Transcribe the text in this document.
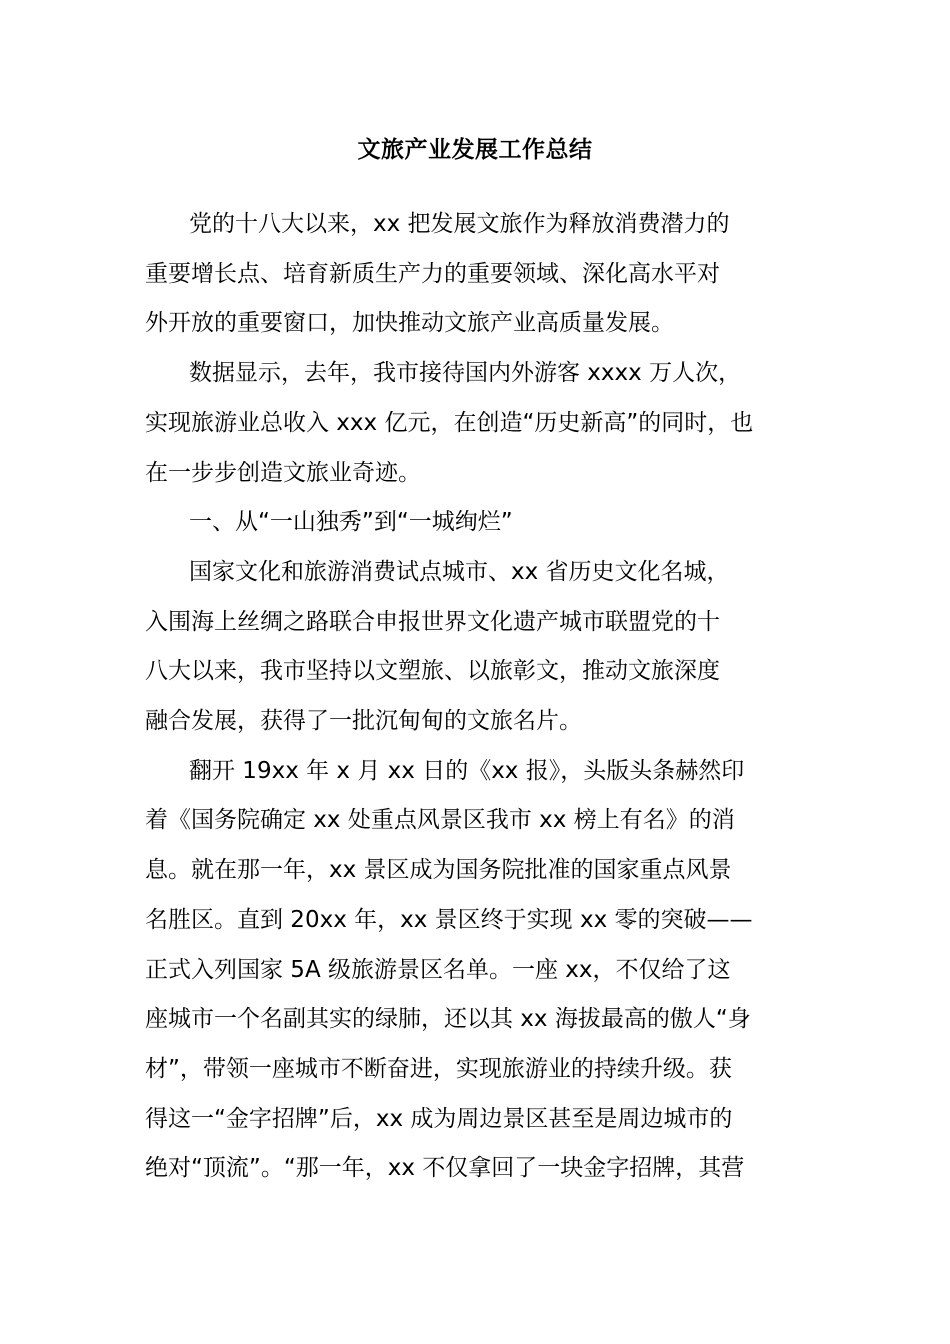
文旅产业发展工作总结

党的十八大以来，xx 把发展文旅作为释放消费潜力的
重要增长点、培育新质生产力的重要领域、深化高水平对
外开放的重要窗口，加快推动文旅产业高质量发展。

数据显示，去年，我市接待国内外游客 xxxx 万人次，
实现旅游业总收入 xxx 亿元，在创造“历史新高”的同时，也
在一步步创造文旅业奇迹。

一、从“一山独秀”到“一城绚烂”

国家文化和旅游消费试点城市、xx 省历史文化名城，
入围海上丝绸之路联合申报世界文化遗产城市联盟党的十
八大以来，我市坚持以文塑旅、以旅彰文，推动文旅深度
融合发展，获得了一批沉甸甸的文旅名片。

翻开 19xx 年 x 月 xx 日的《xx 报》，头版头条赫然印
着《国务院确定 xx 处重点风景区我市 xx 榜上有名》的消
息。就在那一年，xx 景区成为国务院批准的国家重点风景
名胜区。直到 20xx 年，xx 景区终于实现 xx 零的突破——
正式入列国家 5A 级旅游景区名单。一座 xx，不仅给了这
座城市一个名副其实的绿肺，还以其 xx 海拔最高的傲人“身
材”，带领一座城市不断奋进，实现旅游业的持续升级。获
得这一“金字招牌”后，xx 成为周边景区甚至是周边城市的
绝对“顶流”。“那一年，xx 不仅拿回了一块金字招牌，其营
